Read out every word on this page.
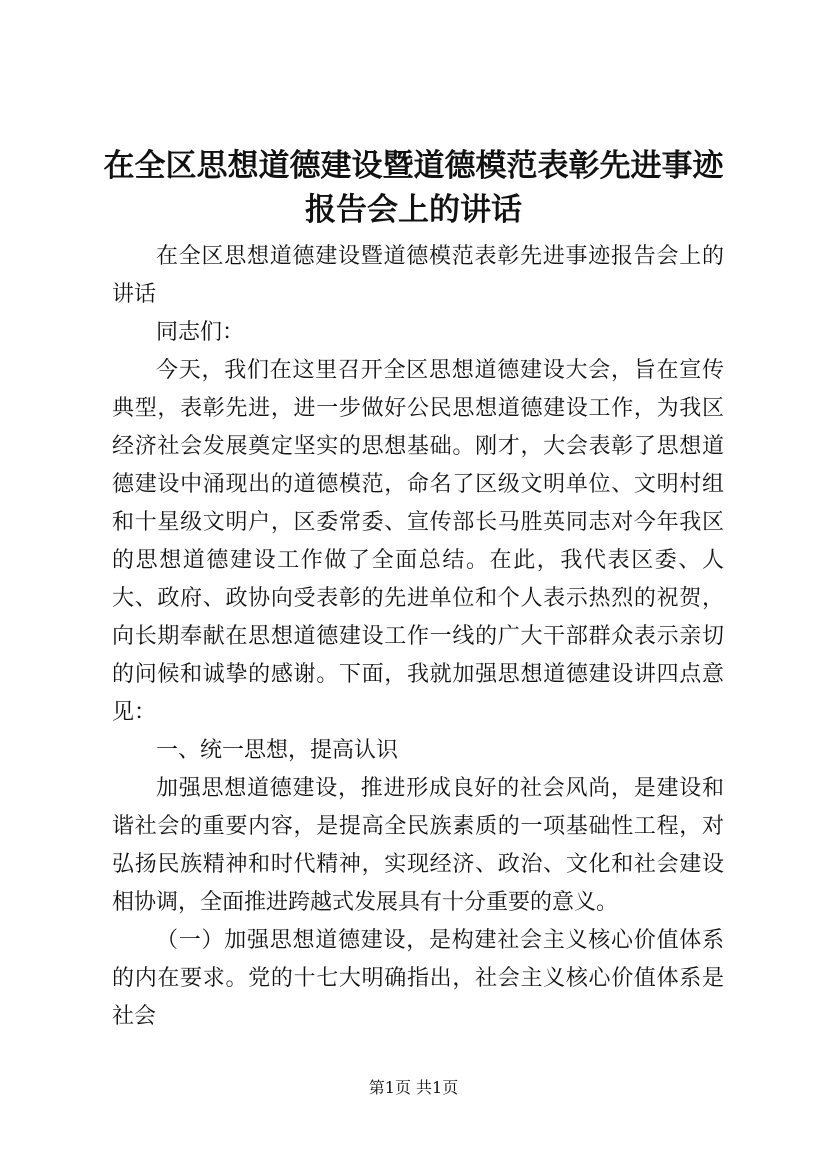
在全区思想道德建设暨道德模范表彰先进事迹
报告会上的讲话

在全区思想道德建设暨道德模范表彰先进事迹报告会上的讲话

同志们：

今天，我们在这里召开全区思想道德建设大会，旨在宣传典型，表彰先进，进一步做好公民思想道德建设工作，为我区经济社会发展奠定坚实的思想基础。刚才，大会表彰了思想道德建设中涌现出的道德模范，命名了区级文明单位、文明村组和十星级文明户，区委常委、宣传部长马胜英同志对今年我区的思想道德建设工作做了全面总结。在此，我代表区委、人大、政府、政协向受表彰的先进单位和个人表示热烈的祝贺，向长期奉献在思想道德建设工作一线的广大干部群众表示亲切的问候和诚挚的感谢。下面，我就加强思想道德建设讲四点意见：

一、统一思想，提高认识

加强思想道德建设，推进形成良好的社会风尚，是建设和谐社会的重要内容，是提高全民族素质的一项基础性工程，对弘扬民族精神和时代精神，实现经济、政治、文化和社会建设相协调，全面推进跨越式发展具有十分重要的意义。

（一）加强思想道德建设，是构建社会主义核心价值体系的内在要求。党的十七大明确指出，社会主义核心价值体系是社会

第1页 共1页
